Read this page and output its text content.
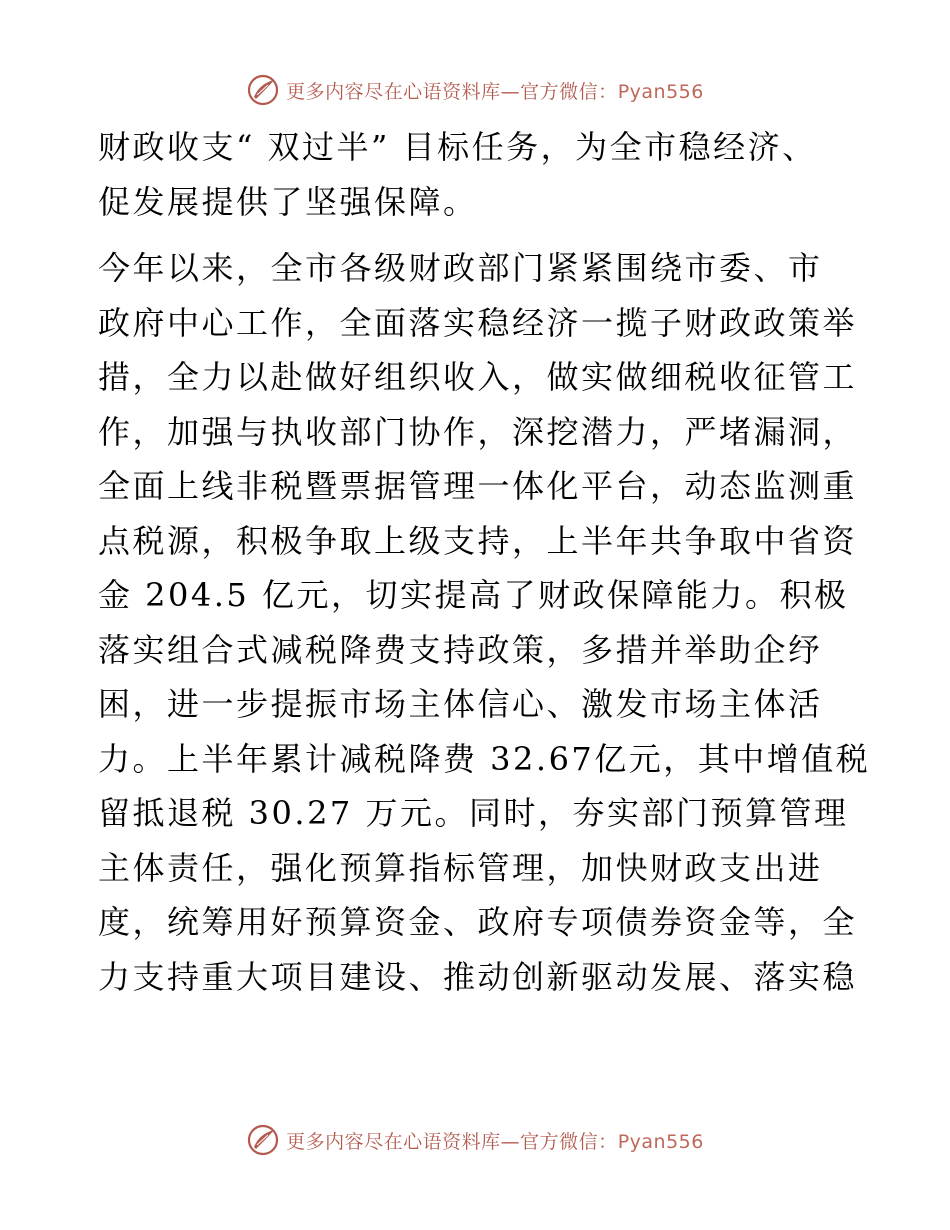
更多内容尽在心语资料库—官方微信：Pyan556
财政收支“ 双过半” 目标任务，为全市稳经济、
促发展提供了坚强保障。
今年以来，全市各级财政部门紧紧围绕市委、市
政府中心工作，全面落实稳经济一揽子财政政策举
措，全力以赴做好组织收入，做实做细税收征管工
作，加强与执收部门协作，深挖潜力，严堵漏洞，
全面上线非税暨票据管理一体化平台，动态监测重
点税源，积极争取上级支持，上半年共争取中省资
金 204.5 亿元，切实提高了财政保障能力。积极
落实组合式减税降费支持政策，多措并举助企纾
困，进一步提振市场主体信心、激发市场主体活
力。上半年累计减税降费 32.67亿元，其中增值税
留抵退税 30.27 万元。同时，夯实部门预算管理
主体责任，强化预算指标管理，加快财政支出进
度，统筹用好预算资金、政府专项债券资金等，全
力支持重大项目建设、推动创新驱动发展、落实稳
更多内容尽在心语资料库—官方微信：Pyan556
